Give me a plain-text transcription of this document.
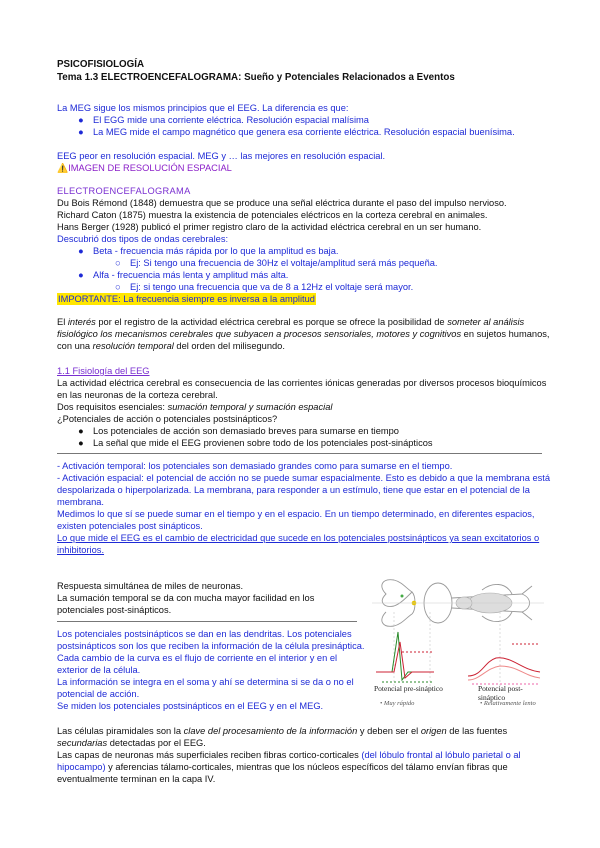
PSICOFISIOLOGÍA
Tema 1.3 ELECTROENCEFALOGRAMA: Sueño y Potenciales Relacionados a Eventos
La MEG sigue los mismos principios que el EEG. La diferencia es que:
● El EGG mide una corriente eléctrica. Resolución espacial malísima
● La MEG mide el campo magnético que genera esa corriente eléctrica. Resolución espacial buenísima.
EEG peor en resolución espacial. MEG y … las mejores en resolución espacial.
⚠️IMAGEN DE RESOLUCIÓN ESPACIAL
ELECTROENCEFALOGRAMA
Du Bois Rémond (1848) demuestra que se produce una señal eléctrica durante el paso del impulso nervioso.
Richard Caton (1875) muestra la existencia de potenciales eléctricos en la corteza cerebral en animales.
Hans Berger (1928) publicó el primer registro claro de la actividad eléctrica cerebral en un ser humano.
Descubrió dos tipos de ondas cerebrales:
● Beta - frecuencia más rápida por lo que la amplitud es baja.
○ Ej: Si tengo una frecuencia de 30Hz el voltaje/amplitud será más pequeña.
● Alfa - frecuencia más lenta y amplitud más alta.
○ Ej: si tengo una frecuencia que va de 8 a 12Hz el voltaje será mayor.
IMPORTANTE: La frecuencia siempre es inversa a la amplitud
El interés por el registro de la actividad eléctrica cerebral es porque se ofrece la posibilidad de someter al análisis
fisiológico los mecanismos cerebrales que subyacen a procesos sensoriales, motores y cognitivos en sujetos humanos,
con una resolución temporal del orden del milisegundo.
1.1 Fisiología del EEG
La actividad eléctrica cerebral es consecuencia de las corrientes iónicas generadas por diversos procesos bioquímicos
en las neuronas de la corteza cerebral.
Dos requisitos esenciales: sumación temporal y sumación espacial
¿Potenciales de acción o potenciales postsinápticos?
● Los potenciales de acción son demasiado breves para sumarse en tiempo
● La señal que mide el EEG provienen sobre todo de los potenciales post-sinápticos
- Activación temporal: los potenciales son demasiado grandes como para sumarse en el tiempo.
- Activación espacial: el potencial de acción no se puede sumar espacialmente. Esto es debido a que la membrana está
despolarizada o hiperpolarizada. La membrana, para responder a un estímulo, tiene que estar en el potencial de la
membrana.
Medimos lo que sí se puede sumar en el tiempo y en el espacio. En un tiempo determinado, en diferentes espacios,
existen potenciales post sinápticos.
Lo que mide el EEG es el cambio de electricidad que sucede en los potenciales postsinápticos ya sean excitatorios o
inhibitorios.
Respuesta simultánea de miles de neuronas.
La sumación temporal se da con mucha mayor facilidad en los
potenciales post-sinápticos.
Los potenciales postsinápticos se dan en las dendritas. Los potenciales
postsinápticos son los que reciben la información de la célula presináptica.
Cada cambio de la curva es el flujo de corriente en el interior y en el
exterior de la célula.
La información se integra en el soma y ahí se determina si se da o no el
potencial de acción.
Se miden los potenciales postsinápticos en el EEG y en el MEG.
Potencial pre-sináptico	Potencial post-sináptico
• Muy rápido	• Relativamente lento
Las células piramidales son la clave del procesamiento de la información y deben ser el origen de las fuentes
secundarias detectadas por el EEG.
Las capas de neuronas más superficiales reciben fibras cortico-corticales (del lóbulo frontal al lóbulo parietal o al
hipocampo) y aferencias tálamo-corticales, mientras que los núcleos específicos del tálamo envían fibras que
eventualmente terminan en la capa IV.
